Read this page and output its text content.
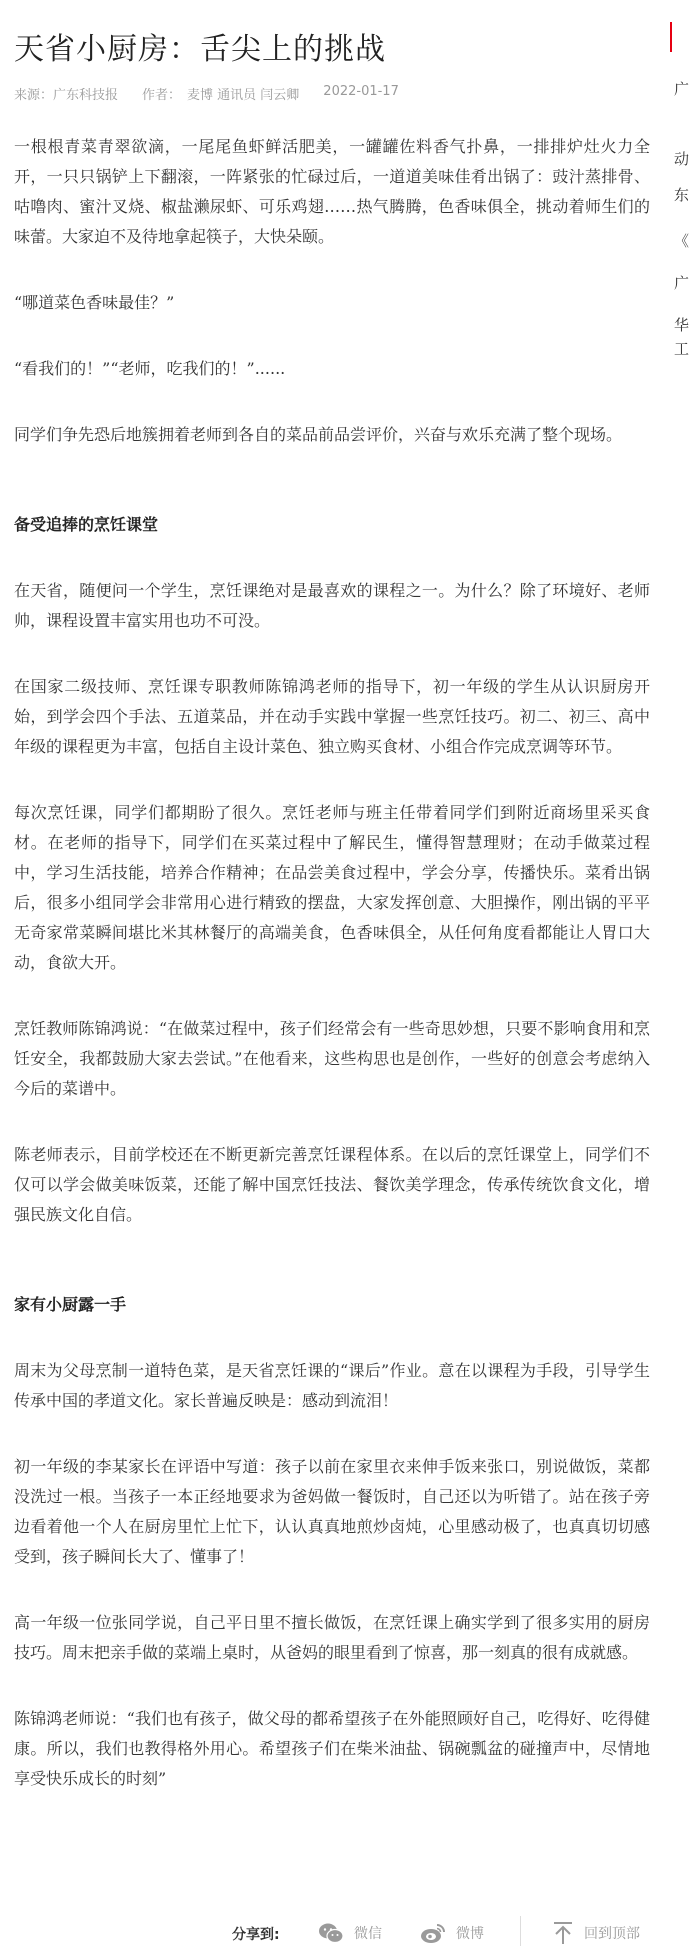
天省小厨房：舌尖上的挑战
来源：广东科技报 作者： 麦博 通讯员 闫云卿 2022-01-17

一根根青菜青翠欲滴，一尾尾鱼虾鲜活肥美，一罐罐佐料香气扑鼻，一排排炉灶火力全开，一只只锅铲上下翻滚，一阵紧张的忙碌过后，一道道美味佳肴出锅了：豉汁蒸排骨、咕噜肉、蜜汁叉烧、椒盐濑尿虾、可乐鸡翅……热气腾腾，色香味俱全，挑动着师生们的味蕾。大家迫不及待地拿起筷子，大快朵颐。

“哪道菜色香味最佳？”

“看我们的！”“老师，吃我们的！”......

同学们争先恐后地簇拥着老师到各自的菜品前品尝评价，兴奋与欢乐充满了整个现场。

备受追捧的烹饪课堂

在天省，随便问一个学生，烹饪课绝对是最喜欢的课程之一。为什么？除了环境好、老师帅，课程设置丰富实用也功不可没。

在国家二级技师、烹饪课专职教师陈锦鸿老师的指导下，初一年级的学生从认识厨房开始，到学会四个手法、五道菜品，并在动手实践中掌握一些烹饪技巧。初二、初三、高中年级的课程更为丰富，包括自主设计菜色、独立购买食材、小组合作完成烹调等环节。

每次烹饪课，同学们都期盼了很久。烹饪老师与班主任带着同学们到附近商场里采买食材。在老师的指导下，同学们在买菜过程中了解民生，懂得智慧理财；在动手做菜过程中，学习生活技能，培养合作精神；在品尝美食过程中，学会分享，传播快乐。菜肴出锅后，很多小组同学会非常用心进行精致的摆盘，大家发挥创意、大胆操作，刚出锅的平平无奇家常菜瞬间堪比米其林餐厅的高端美食，色香味俱全，从任何角度看都能让人胃口大动，食欲大开。

烹饪教师陈锦鸿说：“在做菜过程中，孩子们经常会有一些奇思妙想，只要不影响食用和烹饪安全，我都鼓励大家去尝试。”在他看来，这些构思也是创作，一些好的创意会考虑纳入今后的菜谱中。

陈老师表示，目前学校还在不断更新完善烹饪课程体系。在以后的烹饪课堂上，同学们不仅可以学会做美味饭菜，还能了解中国烹饪技法、餐饮美学理念，传承传统饮食文化，增强民族文化自信。

家有小厨露一手

周末为父母烹制一道特色菜，是天省烹饪课的“课后”作业。意在以课程为手段，引导学生传承中国的孝道文化。家长普遍反映是：感动到流泪！

初一年级的李某家长在评语中写道：孩子以前在家里衣来伸手饭来张口，别说做饭，菜都没洗过一根。当孩子一本正经地要求为爸妈做一餐饭时，自己还以为听错了。站在孩子旁边看着他一个人在厨房里忙上忙下，认认真真地煎炒卤炖，心里感动极了，也真真切切感受到，孩子瞬间长大了、懂事了！

高一年级一位张同学说，自己平日里不擅长做饭，在烹饪课上确实学到了很多实用的厨房技巧。周末把亲手做的菜端上桌时，从爸妈的眼里看到了惊喜，那一刻真的很有成就感。

陈锦鸿老师说：“我们也有孩子，做父母的都希望孩子在外能照顾好自己，吃得好、吃得健康。所以，我们也教得格外用心。希望孩子们在柴米油盐、锅碗瓢盆的碰撞声中，尽情地享受快乐成长的时刻”

广
动
东
《
广
华
工
分享到:	微信	微博	回到顶部
